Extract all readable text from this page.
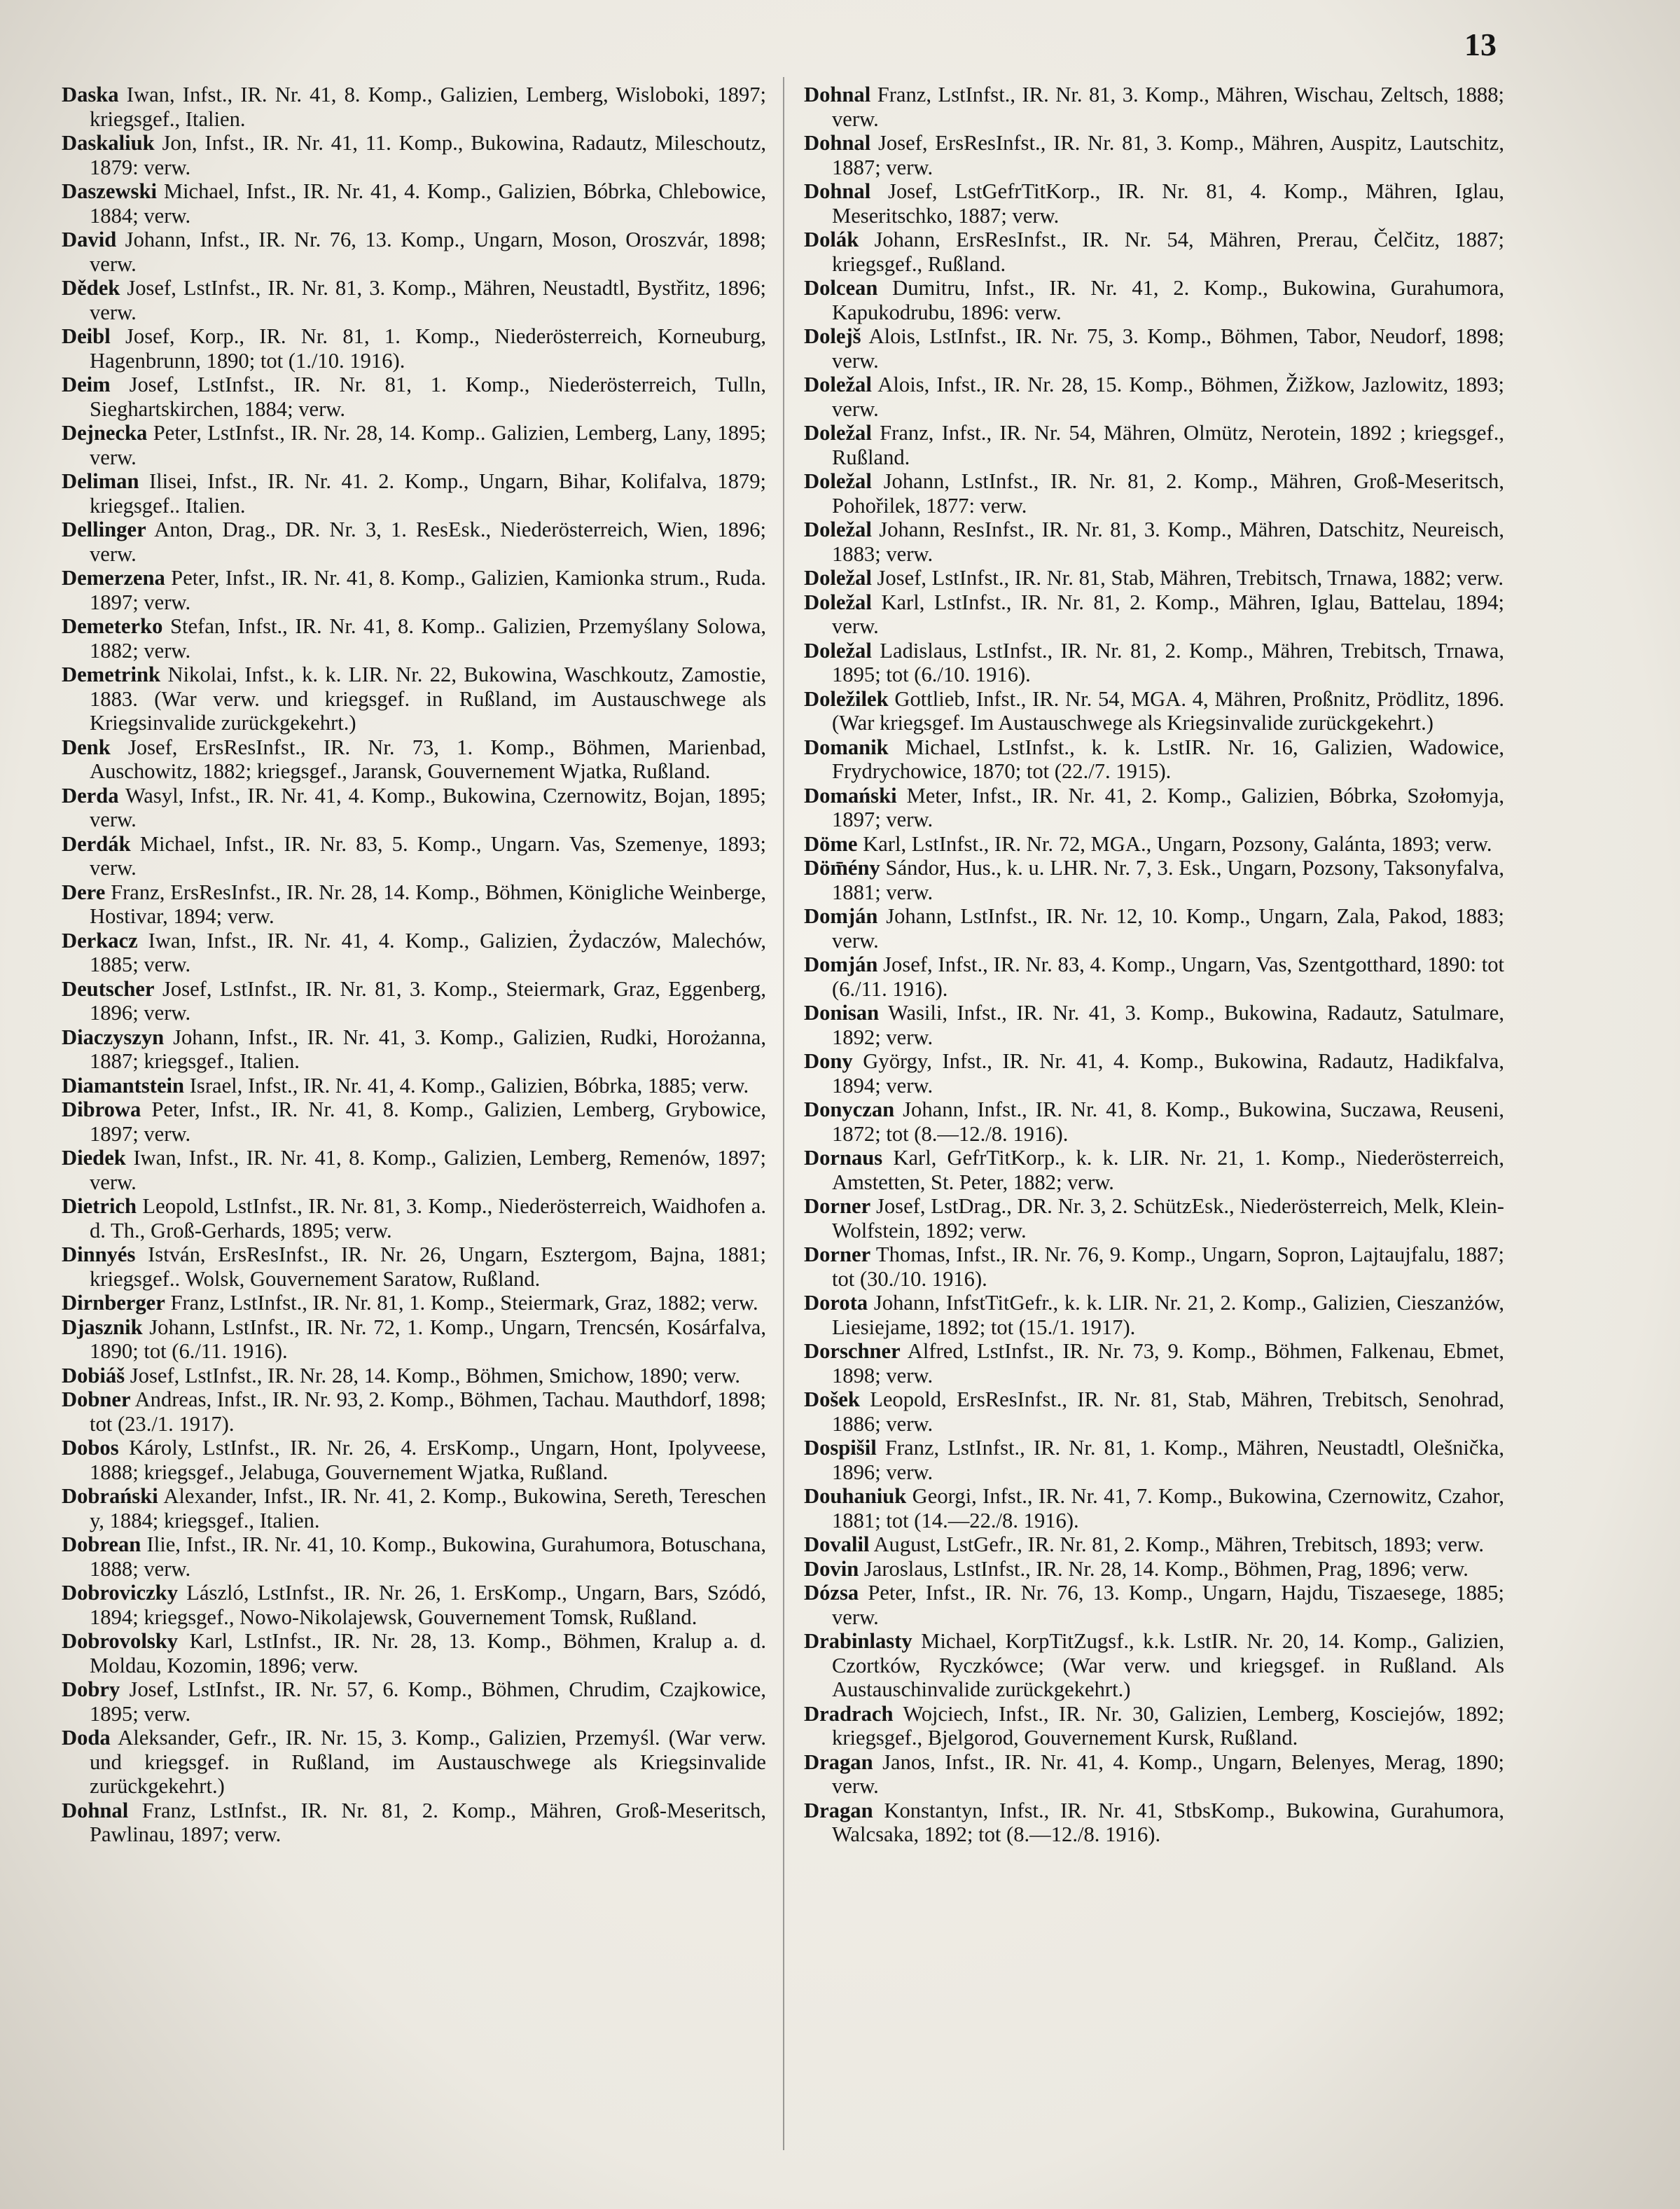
13

Daska Iwan, Infst., IR. Nr. 41, 8. Komp., Galizien, Lemberg, Wisloboki, 1897; kriegsgef., Italien.

Daskaliuk Jon, Infst., IR. Nr. 41, 11. Komp., Bukowina, Radautz, Mileschoutz, 1879: verw.

Daszewski Michael, Infst., IR. Nr. 41, 4. Komp., Galizien, Bóbrka, Chlebowice, 1884; verw.

David Johann, Infst., IR. Nr. 76, 13. Komp., Ungarn, Moson, Oroszvár, 1898; verw.

Dědek Josef, LstInfst., IR. Nr. 81, 3. Komp., Mähren, Neustadtl, Bystřitz, 1896; verw.

Deibl Josef, Korp., IR. Nr. 81, 1. Komp., Niederösterreich, Korneuburg, Hagenbrunn, 1890; tot (1./10. 1916).

Deim Josef, LstInfst., IR. Nr. 81, 1. Komp., Niederösterreich, Tulln, Sieghartskirchen, 1884; verw.

Dejnecka Peter, LstInfst., IR. Nr. 28, 14. Komp.. Galizien, Lemberg, Lany, 1895; verw.

Deliman Ilisei, Infst., IR. Nr. 41. 2. Komp., Ungarn, Bihar, Kolifalva, 1879; kriegsgef.. Italien.

Dellinger Anton, Drag., DR. Nr. 3, 1. ResEsk., Niederösterreich, Wien, 1896; verw.

Demerzena Peter, Infst., IR. Nr. 41, 8. Komp., Galizien, Kamionka strum., Ruda. 1897; verw.

Demeterko Stefan, Infst., IR. Nr. 41, 8. Komp.. Galizien, Przemyślany Solowa, 1882; verw.

Demetrink Nikolai, Infst., k. k. LIR. Nr. 22, Bukowina, Waschkoutz, Zamostie, 1883. (War verw. und kriegsgef. in Rußland, im Austauschwege als Kriegsinvalide zurückgekehrt.)

Denk Josef, ErsResInfst., IR. Nr. 73, 1. Komp., Böhmen, Marienbad, Auschowitz, 1882; kriegsgef., Jaransk, Gouvernement Wjatka, Rußland.

Derda Wasyl, Infst., IR. Nr. 41, 4. Komp., Bukowina, Czernowitz, Bojan, 1895; verw.

Derdák Michael, Infst., IR. Nr. 83, 5. Komp., Ungarn. Vas, Szemenye, 1893; verw.

Dere Franz, ErsResInfst., IR. Nr. 28, 14. Komp., Böhmen, Königliche Weinberge, Hostivar, 1894; verw.

Derkacz Iwan, Infst., IR. Nr. 41, 4. Komp., Galizien, Żydaczów, Malechów, 1885; verw.

Deutscher Josef, LstInfst., IR. Nr. 81, 3. Komp., Steiermark, Graz, Eggenberg, 1896; verw.

Diaczyszyn Johann, Infst., IR. Nr. 41, 3. Komp., Galizien, Rudki, Horożanna, 1887; kriegsgef., Italien.

Diamantstein Israel, Infst., IR. Nr. 41, 4. Komp., Galizien, Bóbrka, 1885; verw.

Dibrowa Peter, Infst., IR. Nr. 41, 8. Komp., Galizien, Lemberg, Grybowice, 1897; verw.

Diedek Iwan, Infst., IR. Nr. 41, 8. Komp., Galizien, Lemberg, Remenów, 1897; verw.

Dietrich Leopold, LstInfst., IR. Nr. 81, 3. Komp., Niederösterreich, Waidhofen a. d. Th., Groß-Gerhards, 1895; verw.

Dinnyés István, ErsResInfst., IR. Nr. 26, Ungarn, Esztergom, Bajna, 1881; kriegsgef.. Wolsk, Gouvernement Saratow, Rußland.

Dirnberger Franz, LstInfst., IR. Nr. 81, 1. Komp., Steiermark, Graz, 1882; verw.

Djasznik Johann, LstInfst., IR. Nr. 72, 1. Komp., Ungarn, Trencsén, Kosárfalva, 1890; tot (6./11. 1916).

Dobiáš Josef, LstInfst., IR. Nr. 28, 14. Komp., Böhmen, Smichow, 1890; verw.

Dobner Andreas, Infst., IR. Nr. 93, 2. Komp., Böhmen, Tachau. Mauthdorf, 1898; tot (23./1. 1917).

Dobos Károly, LstInfst., IR. Nr. 26, 4. ErsKomp., Ungarn, Hont, Ipolyveese, 1888; kriegsgef., Jelabuga, Gouvernement Wjatka, Rußland.

Dobrański Alexander, Infst., IR. Nr. 41, 2. Komp., Bukowina, Sereth, Tereschen y, 1884; kriegsgef., Italien.

Dobrean Ilie, Infst., IR. Nr. 41, 10. Komp., Bukowina, Gurahumora, Botuschana, 1888; verw.

Dobroviczky László, LstInfst., IR. Nr. 26, 1. ErsKomp., Ungarn, Bars, Szódó, 1894; kriegsgef., Nowo-Nikolajewsk, Gouvernement Tomsk, Rußland.

Dobrovolsky Karl, LstInfst., IR. Nr. 28, 13. Komp., Böhmen, Kralup a. d. Moldau, Kozomin, 1896; verw.

Dobry Josef, LstInfst., IR. Nr. 57, 6. Komp., Böhmen, Chrudim, Czajkowice, 1895; verw.

Doda Aleksander, Gefr., IR. Nr. 15, 3. Komp., Galizien, Przemyśl. (War verw. und kriegsgef. in Rußland, im Austauschwege als Kriegsinvalide zurückgekehrt.)

Dohnal Franz, LstInfst., IR. Nr. 81, 2. Komp., Mähren, Groß-Meseritsch, Pawlinau, 1897; verw.

Dohnal Franz, LstInfst., IR. Nr. 81, 3. Komp., Mähren, Wischau, Zeltsch, 1888; verw.

Dohnal Josef, ErsResInfst., IR. Nr. 81, 3. Komp., Mähren, Auspitz, Lautschitz, 1887; verw.

Dohnal Josef, LstGefrTitKorp., IR. Nr. 81, 4. Komp., Mähren, Iglau, Meseritschko, 1887; verw.

Dolák Johann, ErsResInfst., IR. Nr. 54, Mähren, Prerau, Čelčitz, 1887; kriegsgef., Rußland.

Dolcean Dumitru, Infst., IR. Nr. 41, 2. Komp., Bukowina, Gurahumora, Kapukodrubu, 1896: verw.

Dolejš Alois, LstInfst., IR. Nr. 75, 3. Komp., Böhmen, Tabor, Neudorf, 1898; verw.

Doležal Alois, Infst., IR. Nr. 28, 15. Komp., Böhmen, Žižkow, Jazlowitz, 1893; verw.

Doležal Franz, Infst., IR. Nr. 54, Mähren, Olmütz, Nerotein, 1892 ; kriegsgef., Rußland.

Doležal Johann, LstInfst., IR. Nr. 81, 2. Komp., Mähren, Groß-Meseritsch, Pohořilek, 1877: verw.

Doležal Johann, ResInfst., IR. Nr. 81, 3. Komp., Mähren, Datschitz, Neureisch, 1883; verw.

Doležal Josef, LstInfst., IR. Nr. 81, Stab, Mähren, Trebitsch, Trnawa, 1882; verw.

Doležal Karl, LstInfst., IR. Nr. 81, 2. Komp., Mähren, Iglau, Battelau, 1894; verw.

Doležal Ladislaus, LstInfst., IR. Nr. 81, 2. Komp., Mähren, Trebitsch, Trnawa, 1895; tot (6./10. 1916).

Doležilek Gottlieb, Infst., IR. Nr. 54, MGA. 4, Mähren, Proßnitz, Prödlitz, 1896. (War kriegsgef. Im Austauschwege als Kriegsinvalide zurückgekehrt.)

Domanik Michael, LstInfst., k. k. LstIR. Nr. 16, Galizien, Wadowice, Frydrychowice, 1870; tot (22./7. 1915).

Domański Meter, Infst., IR. Nr. 41, 2. Komp., Galizien, Bóbrka, Szołomyja, 1897; verw.

Döme Karl, LstInfst., IR. Nr. 72, MGA., Ungarn, Pozsony, Galánta, 1893; verw.

Döm̄ény Sándor, Hus., k. u. LHR. Nr. 7, 3. Esk., Ungarn, Pozsony, Taksonyfalva, 1881; verw.

Domján Johann, LstInfst., IR. Nr. 12, 10. Komp., Ungarn, Zala, Pakod, 1883; verw.

Domján Josef, Infst., IR. Nr. 83, 4. Komp., Ungarn, Vas, Szentgotthard, 1890: tot (6./11. 1916).

Donisan Wasili, Infst., IR. Nr. 41, 3. Komp., Bukowina, Radautz, Satulmare, 1892; verw.

Dony György, Infst., IR. Nr. 41, 4. Komp., Bukowina, Radautz, Hadikfalva, 1894; verw.

Donyczan Johann, Infst., IR. Nr. 41, 8. Komp., Bukowina, Suczawa, Reuseni, 1872; tot (8.—12./8. 1916).

Dornaus Karl, GefrTitKorp., k. k. LIR. Nr. 21, 1. Komp., Niederösterreich, Amstetten, St. Peter, 1882; verw.

Dorner Josef, LstDrag., DR. Nr. 3, 2. SchützEsk., Niederösterreich, Melk, Klein-Wolfstein, 1892; verw.

Dorner Thomas, Infst., IR. Nr. 76, 9. Komp., Ungarn, Sopron, Lajtaujfalu, 1887; tot (30./10. 1916).

Dorota Johann, InfstTitGefr., k. k. LIR. Nr. 21, 2. Komp., Galizien, Cieszanżów, Liesiejame, 1892; tot (15./1. 1917).

Dorschner Alfred, LstInfst., IR. Nr. 73, 9. Komp., Böhmen, Falkenau, Ebmet, 1898; verw.

Došek Leopold, ErsResInfst., IR. Nr. 81, Stab, Mähren, Trebitsch, Senohrad, 1886; verw.

Dospišil Franz, LstInfst., IR. Nr. 81, 1. Komp., Mähren, Neustadtl, Olešnička, 1896; verw.

Douhaniuk Georgi, Infst., IR. Nr. 41, 7. Komp., Bukowina, Czernowitz, Czahor, 1881; tot (14.—22./8. 1916).

Dovalil August, LstGefr., IR. Nr. 81, 2. Komp., Mähren, Trebitsch, 1893; verw.

Dovin Jaroslaus, LstInfst., IR. Nr. 28, 14. Komp., Böhmen, Prag, 1896; verw.

Dózsa Peter, Infst., IR. Nr. 76, 13. Komp., Ungarn, Hajdu, Tiszaesege, 1885; verw.

Drabinlasty Michael, KorpTitZugsf., k.k. LstIR. Nr. 20, 14. Komp., Galizien, Czortków, Ryczkówce; (War verw. und kriegsgef. in Rußland. Als Austauschinvalide zurückgekehrt.)

Dradrach Wojciech, Infst., IR. Nr. 30, Galizien, Lemberg, Kosciejów, 1892; kriegsgef., Bjelgorod, Gouvernement Kursk, Rußland.

Dragan Janos, Infst., IR. Nr. 41, 4. Komp., Ungarn, Belenyes, Merag, 1890; verw.

Dragan Konstantyn, Infst., IR. Nr. 41, StbsKomp., Bukowina, Gurahumora, Walcsaka, 1892; tot (8.—12./8. 1916).
